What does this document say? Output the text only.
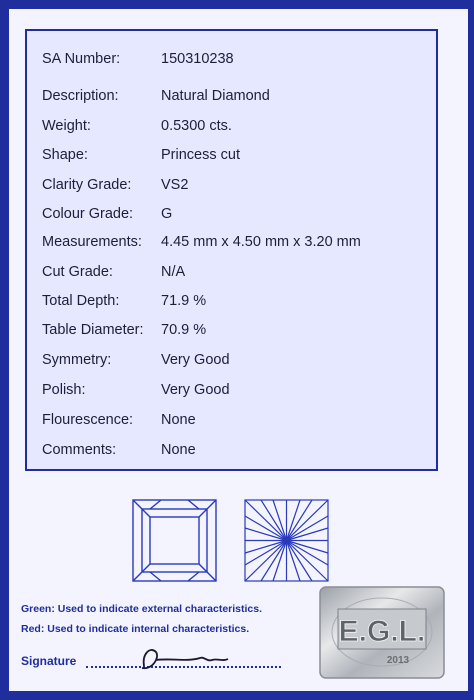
SA Number:	150310238
Description:	Natural Diamond
Weight:	0.5300 cts.
Shape:	Princess cut
Clarity Grade: VS2
Colour Grade: G
Measurements: 4.45 mm x 4.50 mm x 3.20 mm
Cut Grade:	N/A
Total Depth:	71.9 %
Table Diameter: 70.9 %
Symmetry:	Very Good
Polish:	Very Good
Flourescence: None
Comments:	None
Green: Used to indicate external characteristics.
Red: Used to indicate internal characteristics.
Signature
E.G.L.
2013
